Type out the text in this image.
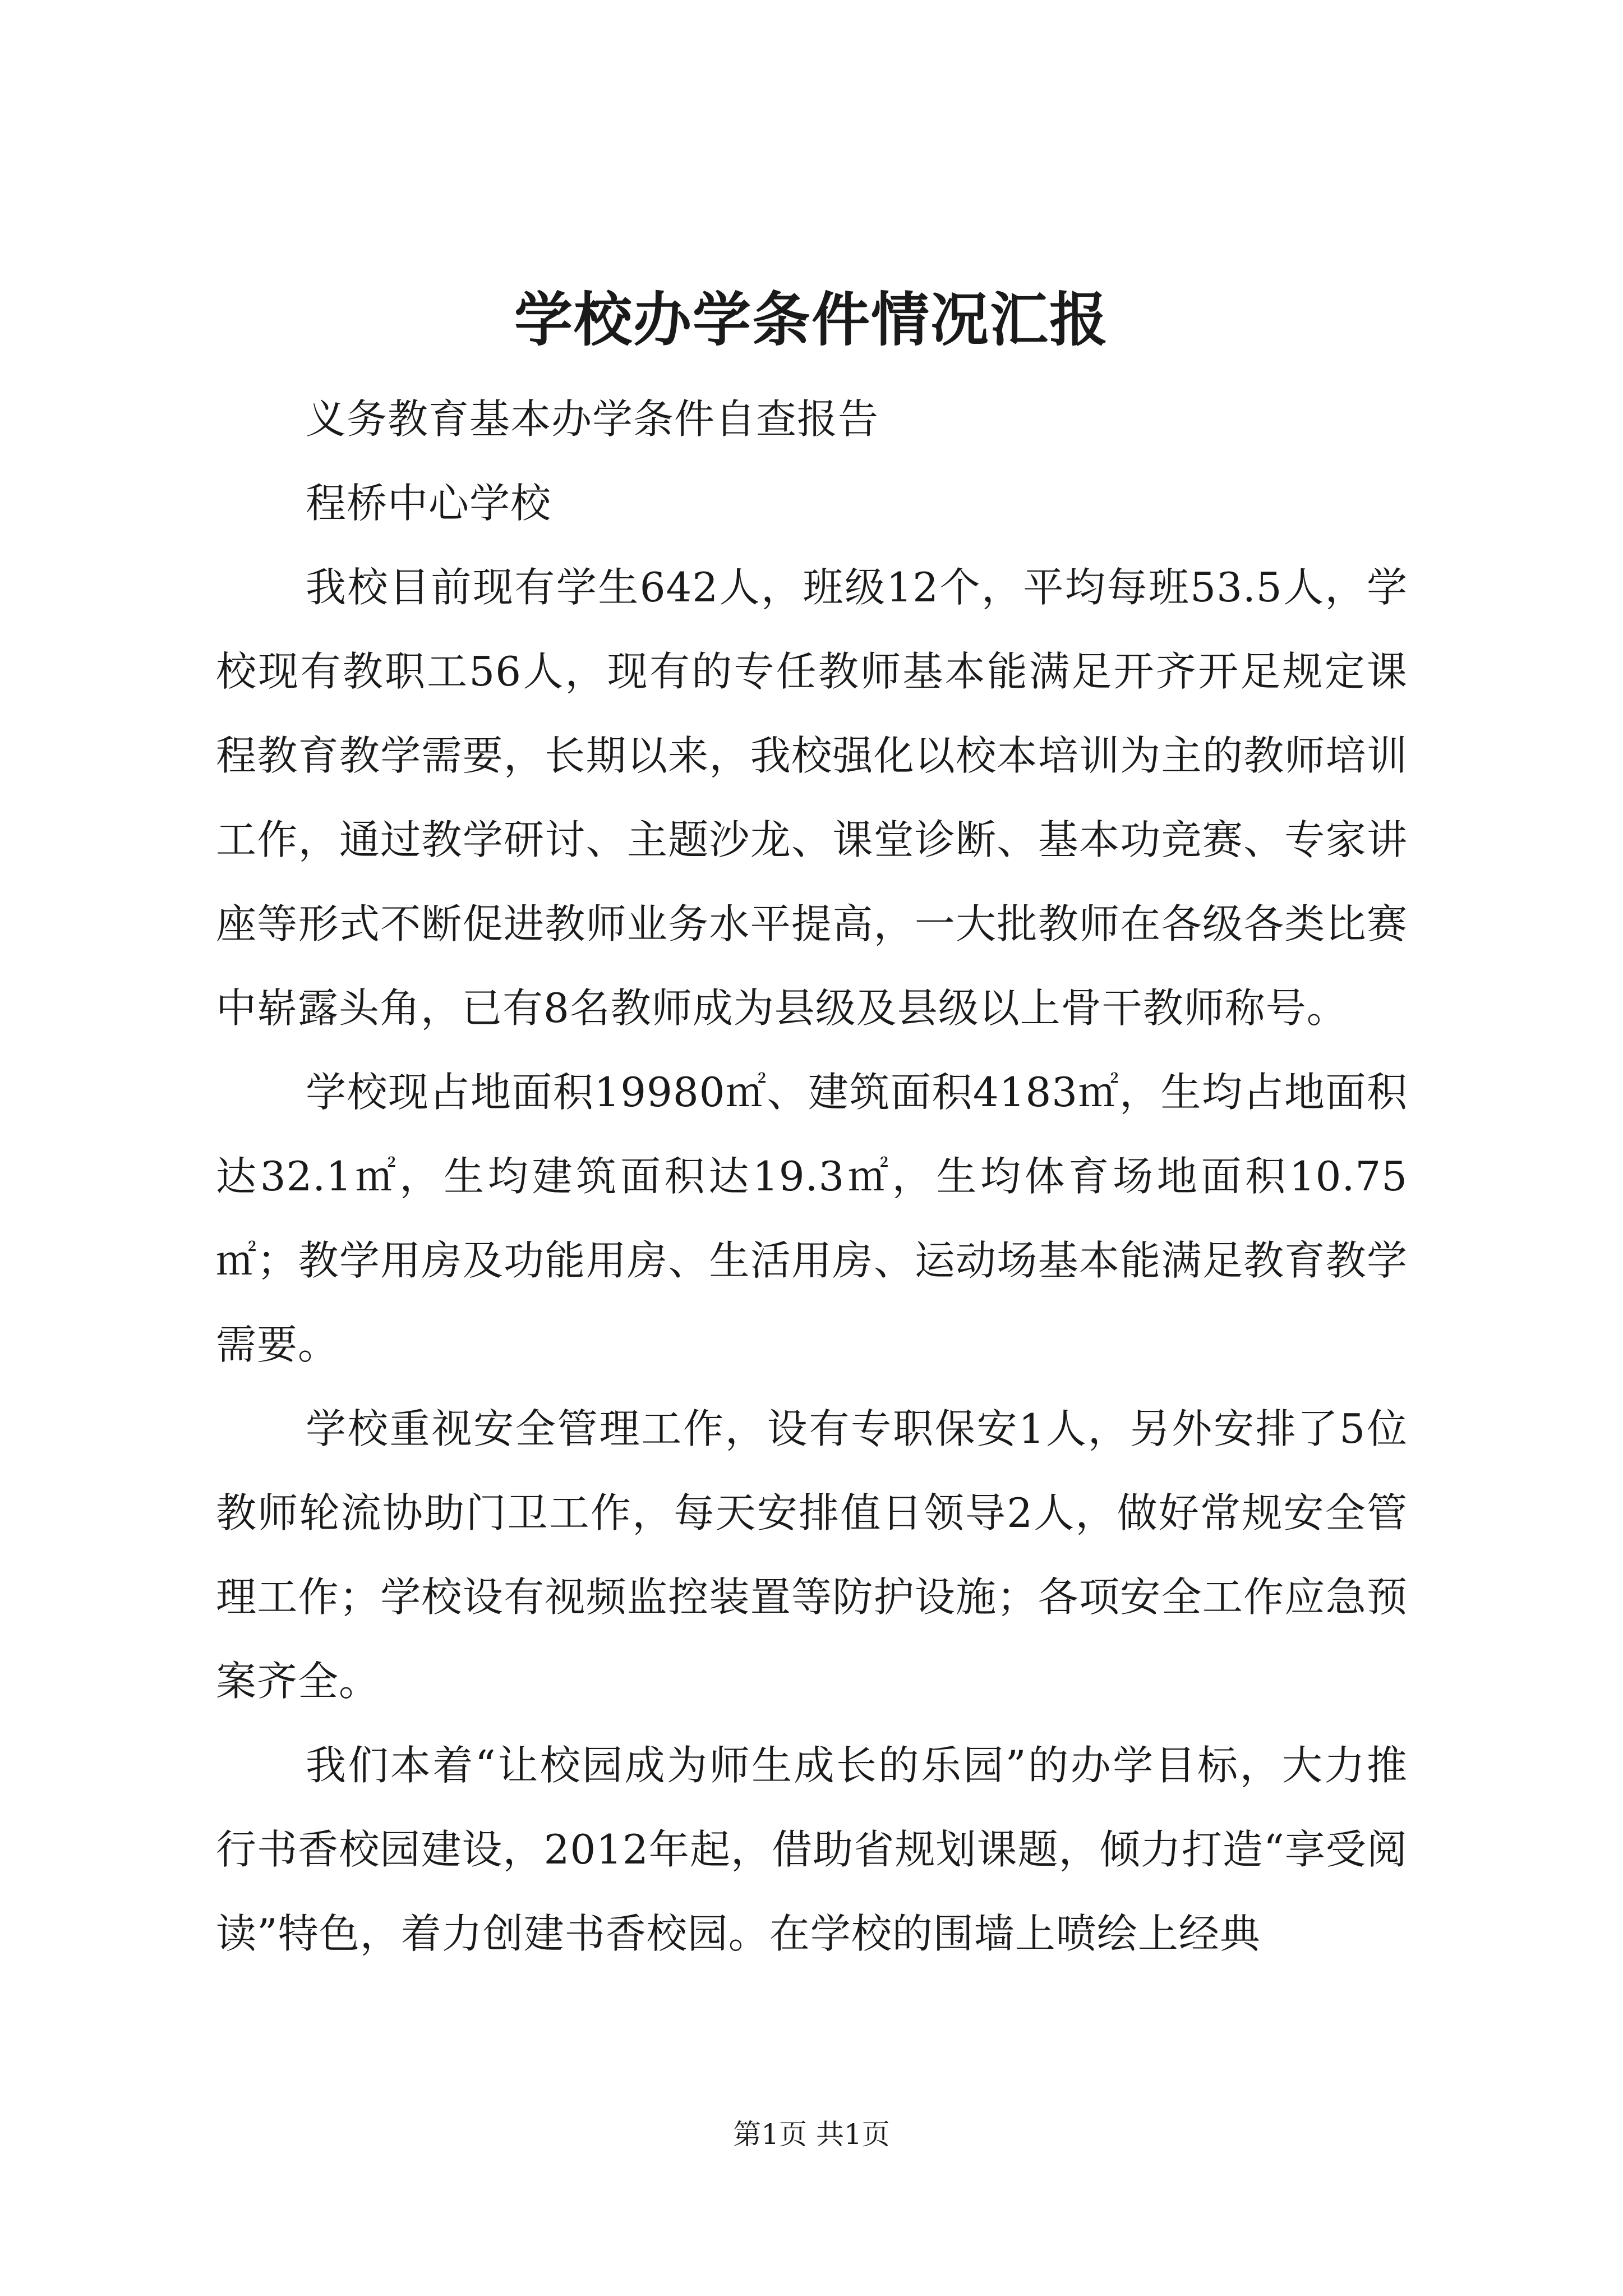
学校办学条件情况汇报

义务教育基本办学条件自查报告

程桥中心学校

我校目前现有学生642人，班级12个，平均每班53.5人，学校现有教职工56人，现有的专任教师基本能满足开齐开足规定课程教育教学需要，长期以来，我校强化以校本培训为主的教师培训工作，通过教学研讨、主题沙龙、课堂诊断、基本功竞赛、专家讲座等形式不断促进教师业务水平提高，一大批教师在各级各类比赛中崭露头角，已有8名教师成为县级及县级以上骨干教师称号。

学校现占地面积19980㎡、建筑面积4183㎡，生均占地面积达32.1㎡，生均建筑面积达19.3㎡，生均体育场地面积10.75㎡；教学用房及功能用房、生活用房、运动场基本能满足教育教学需要。

学校重视安全管理工作，设有专职保安1人，另外安排了5位教师轮流协助门卫工作，每天安排值日领导2人，做好常规安全管理工作；学校设有视频监控装置等防护设施；各项安全工作应急预案齐全。

我们本着“让校园成为师生成长的乐园”的办学目标，大力推行书香校园建设，2012年起，借助省规划课题，倾力打造“享受阅读”特色，着力创建书香校园。在学校的围墙上喷绘上经典

第1页 共1页
